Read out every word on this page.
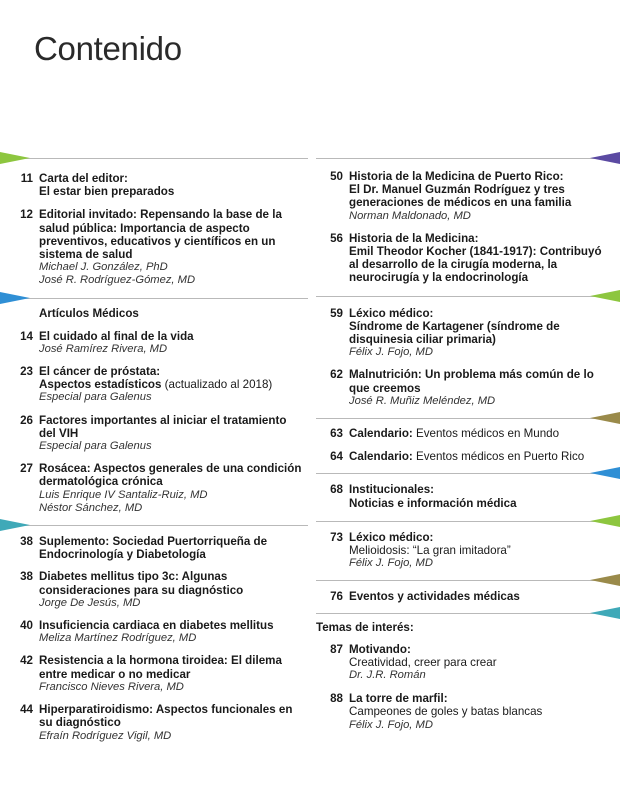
Contenido
11 Carta del editor:
El estar bien preparados
12 Editorial invitado: Repensando la base de la salud pública: Importancia de aspecto preventivos, educativos y científicos en un sistema de salud
Michael J. González, PhD
José R. Rodríguez-Gómez, MD
Artículos Médicos
14 El cuidado al final de la vida
José Ramírez Rivera, MD
23 El cáncer de próstata:
Aspectos estadísticos (actualizado al 2018)
Especial para Galenus
26 Factores importantes al iniciar el tratamiento del VIH
Especial para Galenus
27 Rosácea: Aspectos generales de una condición dermatológica crónica
Luis Enrique IV Santaliz-Ruiz, MD
Néstor Sánchez, MD
38 Suplemento: Sociedad Puertorriqueña de Endocrinología y Diabetología
38 Diabetes mellitus tipo 3c: Algunas consideraciones para su diagnóstico
Jorge De Jesús, MD
40 Insuficiencia cardiaca en diabetes mellitus
Meliza Martínez Rodríguez, MD
42 Resistencia a la hormona tiroidea: El dilema entre medicar o no medicar
Francisco Nieves Rivera, MD
44 Hiperparatiroidismo: Aspectos funcionales en su diagnóstico
Efraín Rodríguez Vigil, MD
50 Historia de la Medicina de Puerto Rico:
El Dr. Manuel Guzmán Rodríguez y tres generaciones de médicos en una familia
Norman Maldonado, MD
56 Historia de la Medicina:
Emil Theodor Kocher (1841-1917): Contribuyó al desarrollo de la cirugía moderna, la neurocirugía y la endocrinología
59 Léxico médico:
Síndrome de Kartagener (síndrome de disquinesia ciliar primaria)
Félix J. Fojo, MD
62 Malnutrición: Un problema más común de lo que creemos
José R. Muñiz Meléndez, MD
63 Calendario: Eventos médicos en Mundo
64 Calendario: Eventos médicos en Puerto Rico
68 Institucionales:
Noticias e información médica
73 Léxico médico:
Melioidosis: “La gran imitadora”
Félix J. Fojo, MD
76 Eventos y actividades médicas
Temas de interés:
87 Motivando:
Creatividad, creer para crear
Dr. J.R. Román
88 La torre de marfil:
Campeones de goles y batas blancas
Félix J. Fojo, MD
